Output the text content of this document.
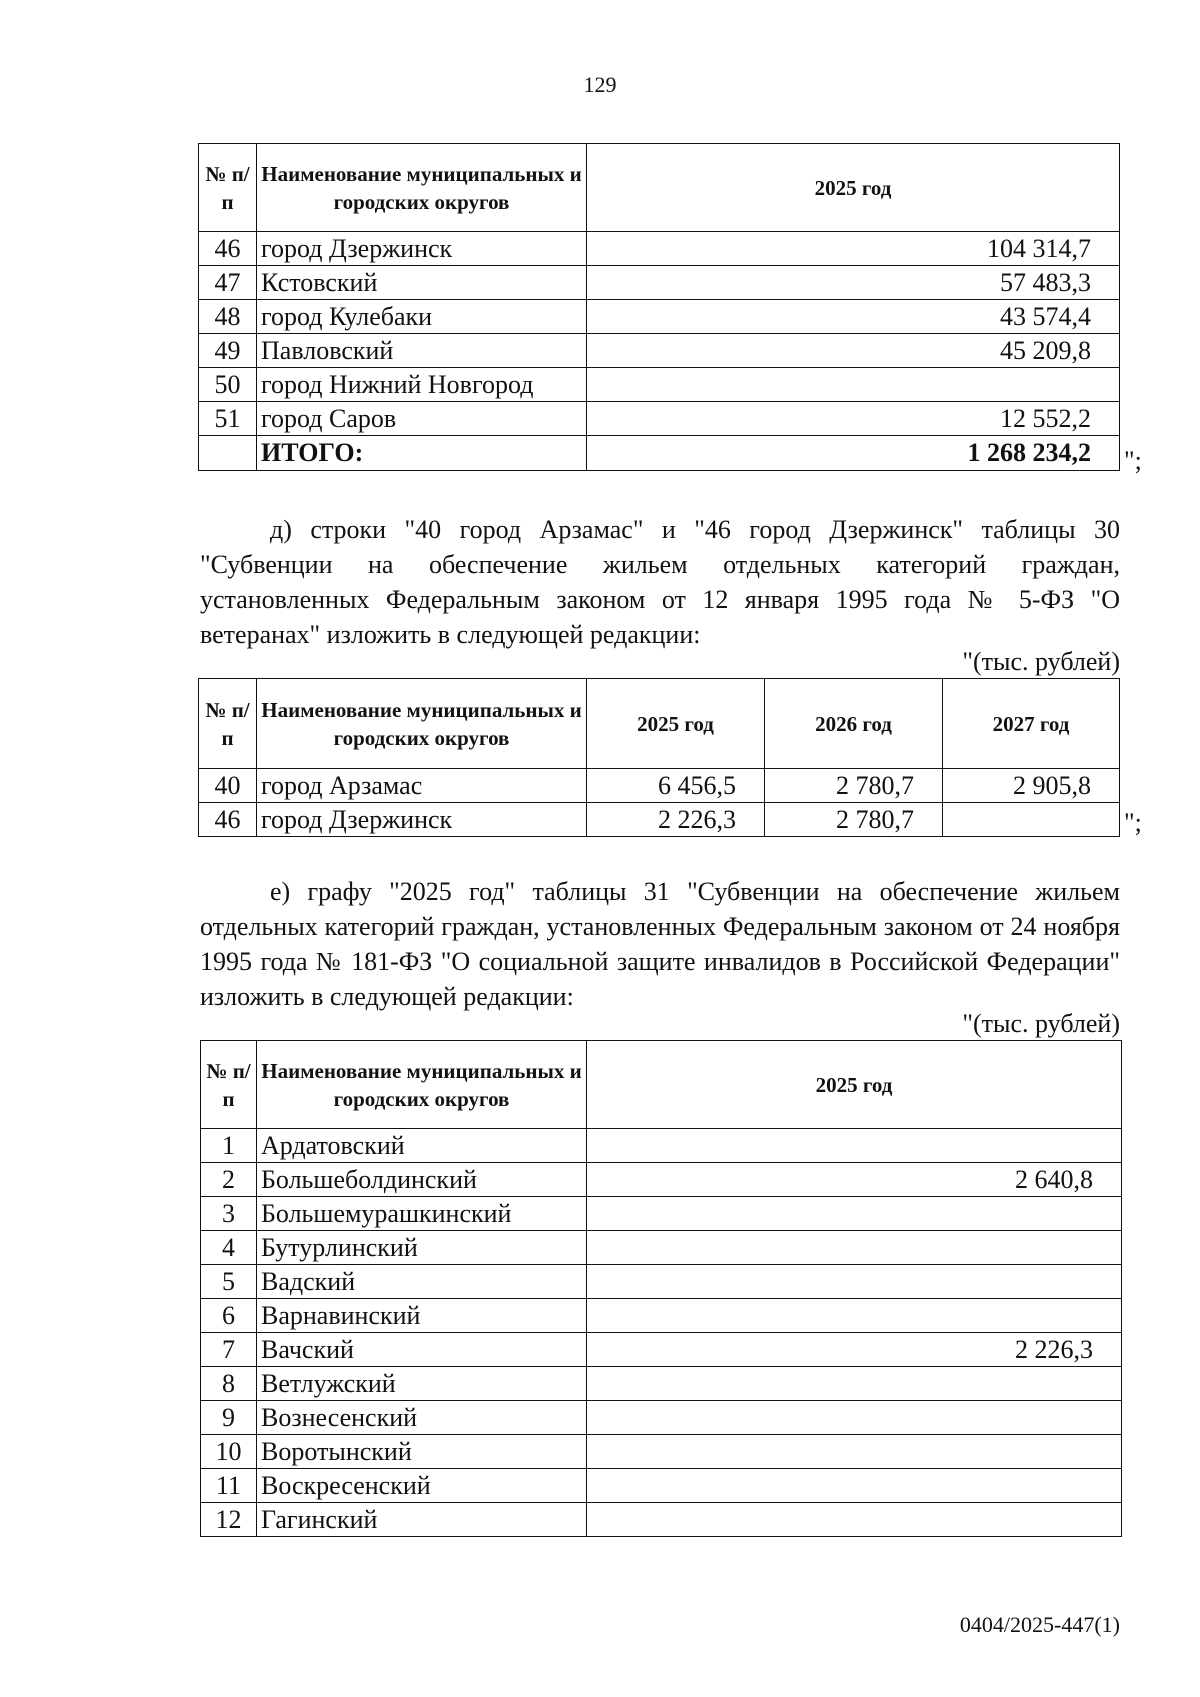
129
№ п/п	Наименование муниципальных и городских округов	2025 год
46	город Дзержинск	104 314,7
47	Кстовский	57 483,3
48	город Кулебаки	43 574,4
49	Павловский	45 209,8
50	город Нижний Новгород	
51	город Саров	12 552,2
	ИТОГО:	1 268 234,2 ";

д) строки "40 город Арзамас" и "46 город Дзержинск" таблицы 30 "Субвенции на обеспечение жильем отдельных категорий граждан, установленных Федеральным законом от 12 января 1995 года № 5-ФЗ "О ветеранах" изложить в следующей редакции:

"(тыс. рублей)
№ п/п	Наименование муниципальных и городских округов	2025 год	2026 год	2027 год
40	город Арзамас	6 456,5	2 780,7	2 905,8
46	город Дзержинск	2 226,3	2 780,7		";

е) графу "2025 год" таблицы 31 "Субвенции на обеспечение жильем отдельных категорий граждан, установленных Федеральным законом от 24 ноября 1995 года № 181-ФЗ "О социальной защите инвалидов в Российской Федерации" изложить в следующей редакции:

"(тыс. рублей)
№ п/п	Наименование муниципальных и городских округов	2025 год
1	Ардатовский	
2	Большеболдинский	2 640,8
3	Большемурашкинский	
4	Бутурлинский	
5	Вадский	
6	Варнавинский	
7	Вачский	2 226,3
8	Ветлужский	
9	Вознесенский	
10	Воротынский	
11	Воскресенский	
12	Гагинский	
0404/2025-447(1)
